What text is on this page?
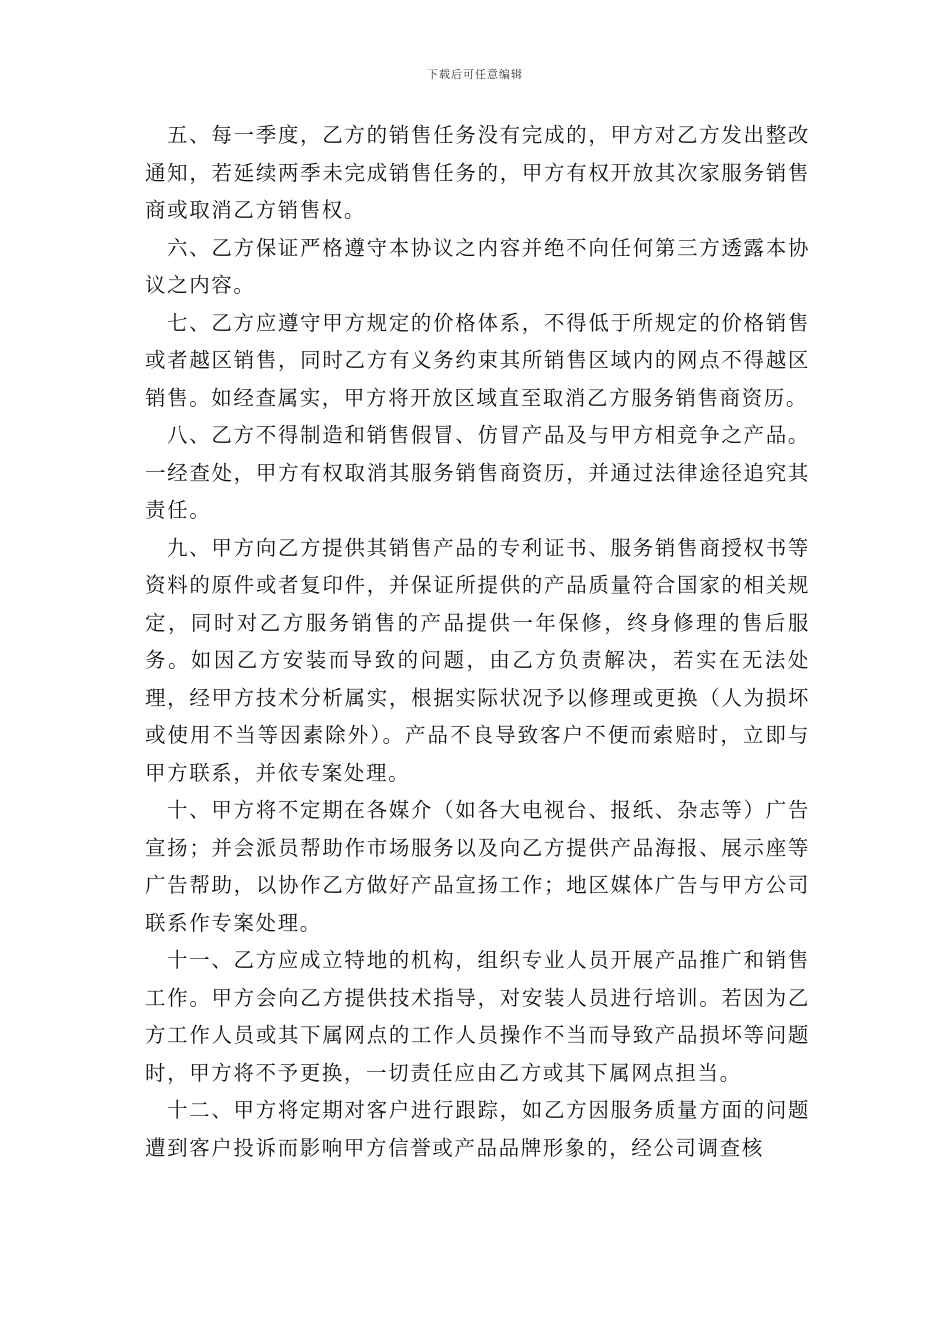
下载后可任意编辑

五、每一季度，乙方的销售任务没有完成的，甲方对乙方发出整改通知，若延续两季未完成销售任务的，甲方有权开放其次家服务销售商或取消乙方销售权。

六、乙方保证严格遵守本协议之内容并绝不向任何第三方透露本协议之内容。

七、乙方应遵守甲方规定的价格体系，不得低于所规定的价格销售或者越区销售，同时乙方有义务约束其所销售区域内的网点不得越区销售。如经查属实，甲方将开放区域直至取消乙方服务销售商资历。

八、乙方不得制造和销售假冒、仿冒产品及与甲方相竞争之产品。一经查处，甲方有权取消其服务销售商资历，并通过法律途径追究其责任。

九、甲方向乙方提供其销售产品的专利证书、服务销售商授权书等资料的原件或者复印件，并保证所提供的产品质量符合国家的相关规定，同时对乙方服务销售的产品提供一年保修，终身修理的售后服务。如因乙方安装而导致的问题，由乙方负责解决，若实在无法处理，经甲方技术分析属实，根据实际状况予以修理或更换（人为损坏或使用不当等因素除外）。产品不良导致客户不便而索赔时，立即与甲方联系，并依专案处理。

十、甲方将不定期在各媒介（如各大电视台、报纸、杂志等）广告宣扬；并会派员帮助作市场服务以及向乙方提供产品海报、展示座等广告帮助，以协作乙方做好产品宣扬工作；地区媒体广告与甲方公司联系作专案处理。

十一、乙方应成立特地的机构，组织专业人员开展产品推广和销售工作。甲方会向乙方提供技术指导，对安装人员进行培训。若因为乙方工作人员或其下属网点的工作人员操作不当而导致产品损坏等问题时，甲方将不予更换，一切责任应由乙方或其下属网点担当。

十二、甲方将定期对客户进行跟踪，如乙方因服务质量方面的问题遭到客户投诉而影响甲方信誉或产品品牌形象的，经公司调查核
